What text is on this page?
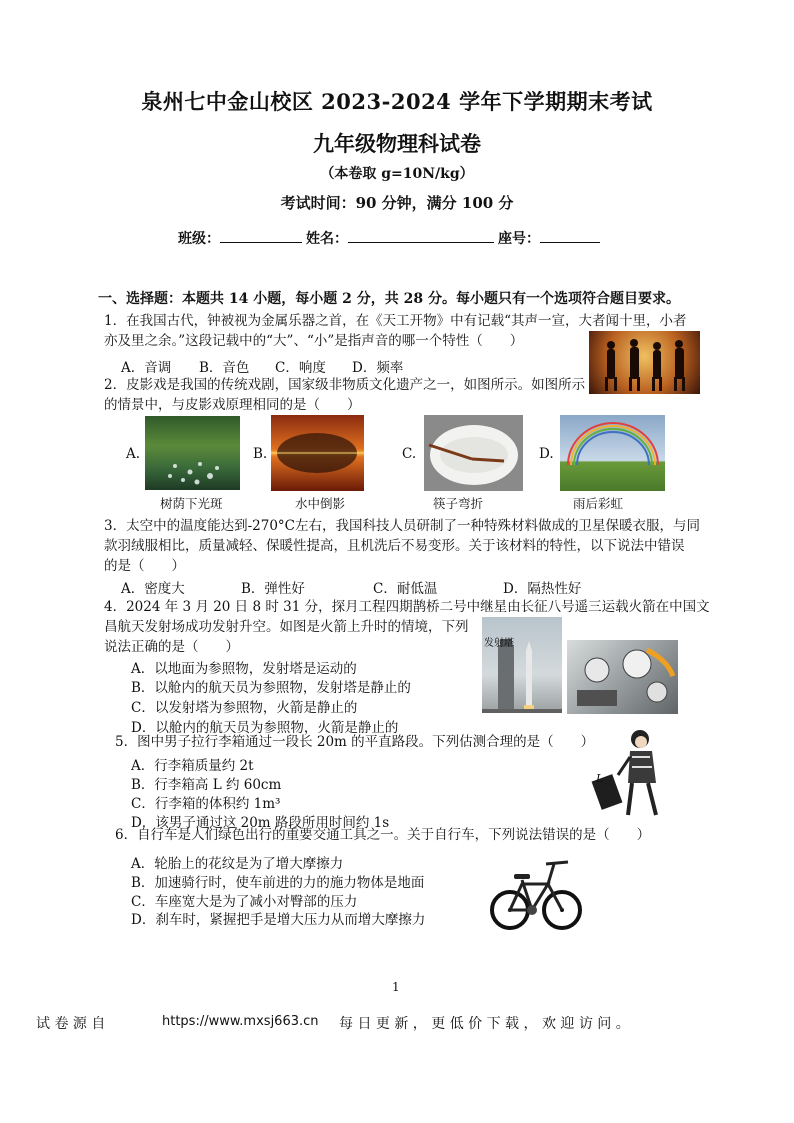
泉州七中金山校区 2023-2024 学年下学期期末考试
九年级物理科试卷
（本卷取 g=10N/kg）
考试时间：90 分钟，满分 100 分
班级：	姓名：	座号：
一、选择题：本题共 14 小题，每小题 2 分，共 28 分。每小题只有一个选项符合题目要求。
1．在我国古代，钟被视为金属乐器之首，在《天工开物》中有记载“其声一宣，大者闻十里，小者
亦及里之余。”这段记载中的“大”、“小”是指声音的哪一个特性（　　）
A．音调 B．音色 C．响度 D．频率
2．皮影戏是我国的传统戏剧，国家级非物质文化遗产之一，如图所示。如图所示
的情景中，与皮影戏原理相同的是（　　）
A.
树荫下光斑
B.
水中倒影
C.
筷子弯折
D.
雨后彩虹
3．太空中的温度能达到-270°C左右，我国科技人员研制了一种特殊材料做成的卫星保暖衣服，与同
款羽绒服相比，质量减轻、保暖性提高，且机洗后不易变形。关于该材料的特性，以下说法中错误
的是（　　）
A．密度大	B．弹性好	C．耐低温	D．隔热性好
4．2024 年 3 月 20 日 8 时 31 分，探月工程四期鹊桥二号中继星由长征八号遥三运载火箭在中国文
昌航天发射场成功发射升空。如图是火箭上升时的情境，下列
说法正确的是（　　）
A．以地面为参照物，发射塔是运动的
B．以舱内的航天员为参照物，发射塔是静止的
C．以发射塔为参照物，火箭是静止的
D．以舱内的航天员为参照物，火箭是静止的
发射塔
5．图中男子拉行李箱通过一段长 20m 的平直路段。下列估测合理的是（　　）
A．行李箱质量约 2t
B．行李箱高 L 约 60cm
C．行李箱的体积约 1m³
D．该男子通过这 20m 路段所用时间约 1s
L
6．自行车是人们绿色出行的重要交通工具之一。关于自行车，下列说法错误的是（　　）
A．轮胎上的花纹是为了增大摩擦力
B．加速骑行时，使车前进的力的施力物体是地面
C．车座宽大是为了减小对臀部的压力
D．刹车时，紧握把手是增大压力从而增大摩擦力
1
试 卷 源 自	https://www.mxsj663.cn 每 日 更 新 ， 更 低 价 下 载 ， 欢 迎 访 问 。
